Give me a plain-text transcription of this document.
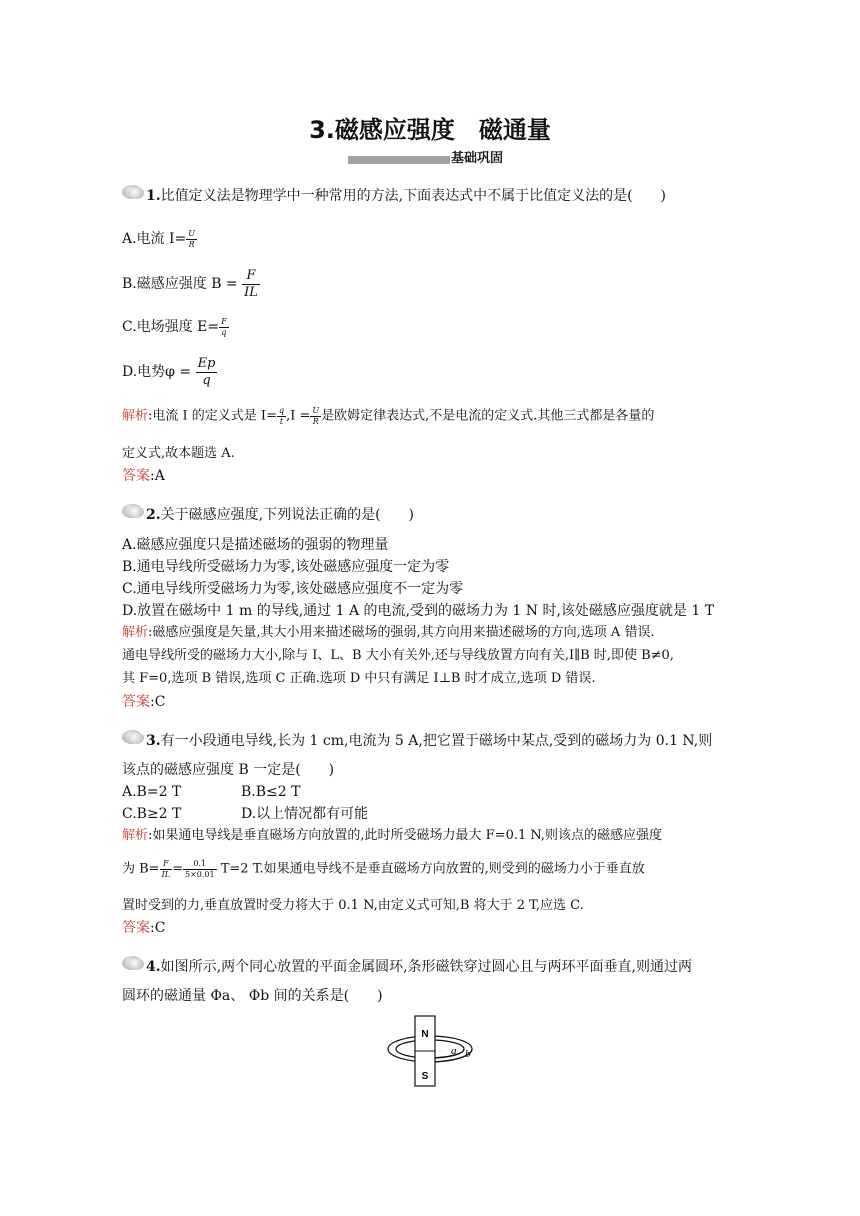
3.磁感应强度　磁通量
基础巩固
1.比值定义法是物理学中一种常用的方法,下面表达式中不属于比值定义法的是(　　)
A.电流 $I= \frac{U}{R}$
B.磁感应强度 $B = \frac{F}{IL}$
C.电场强度 $E= \frac{F}{q}$
D.电势$\varphi = \frac{Ep}{q}$
解析:电流 I 的定义式是 $I= \frac{q}{t} ,I = \frac{U}{R}$ 是欧姆定律表达式,不是电流的定义式.其他三式都是各量的
定义式,故本题选 A.
答案:A
2.关于磁感应强度,下列说法正确的是(　　)
A.磁感应强度只是描述磁场的强弱的物理量
B.通电导线所受磁场力为零,该处磁感应强度一定为零
C.通电导线所受磁场力为零,该处磁感应强度不一定为零
D.放置在磁场中 1 m 的导线,通过 1 A 的电流,受到的磁场力为 1 N 时,该处磁感应强度就是 1 T
解析:磁感应强度是矢量,其大小用来描述磁场的强弱,其方向用来描述磁场的方向,选项 A 错误.
通电导线所受的磁场力大小,除与 I、L、B 大小有关外,还与导线放置方向有关,I∥B 时,即使 B≠0,
其 F=0,选项 B 错误,选项 C 正确.选项 D 中只有满足 I⊥B 时才成立,选项 D 错误.
答案:C
3.有一小段通电导线,长为 1 cm,电流为 5 A,把它置于磁场中某点,受到的磁场力为 0.1 N,则
该点的磁感应强度 B 一定是(　　)
A.B=2 T	B.B≤2 T
C.B≥2 T	D.以上情况都有可能
解析:如果通电导线是垂直磁场方向放置的,此时所受磁场力最大 F=0.1 N,则该点的磁感应强度
为 $B= \frac{F}{IL} = \frac{0.1}{5\times 0.01} T=2$ T.如果通电导线不是垂直磁场方向放置的,则受到的磁场力小于垂直放
置时受到的力,垂直放置时受力将大于 0.1 N,由定义式可知,B 将大于 2 T,应选 C.
答案:C
4.如图所示,两个同心放置的平面金属圆环,条形磁铁穿过圆心且与两环平面垂直,则通过两
圆环的磁通量 Φa、 Φb 间的关系是(　　)
N
S
a b
